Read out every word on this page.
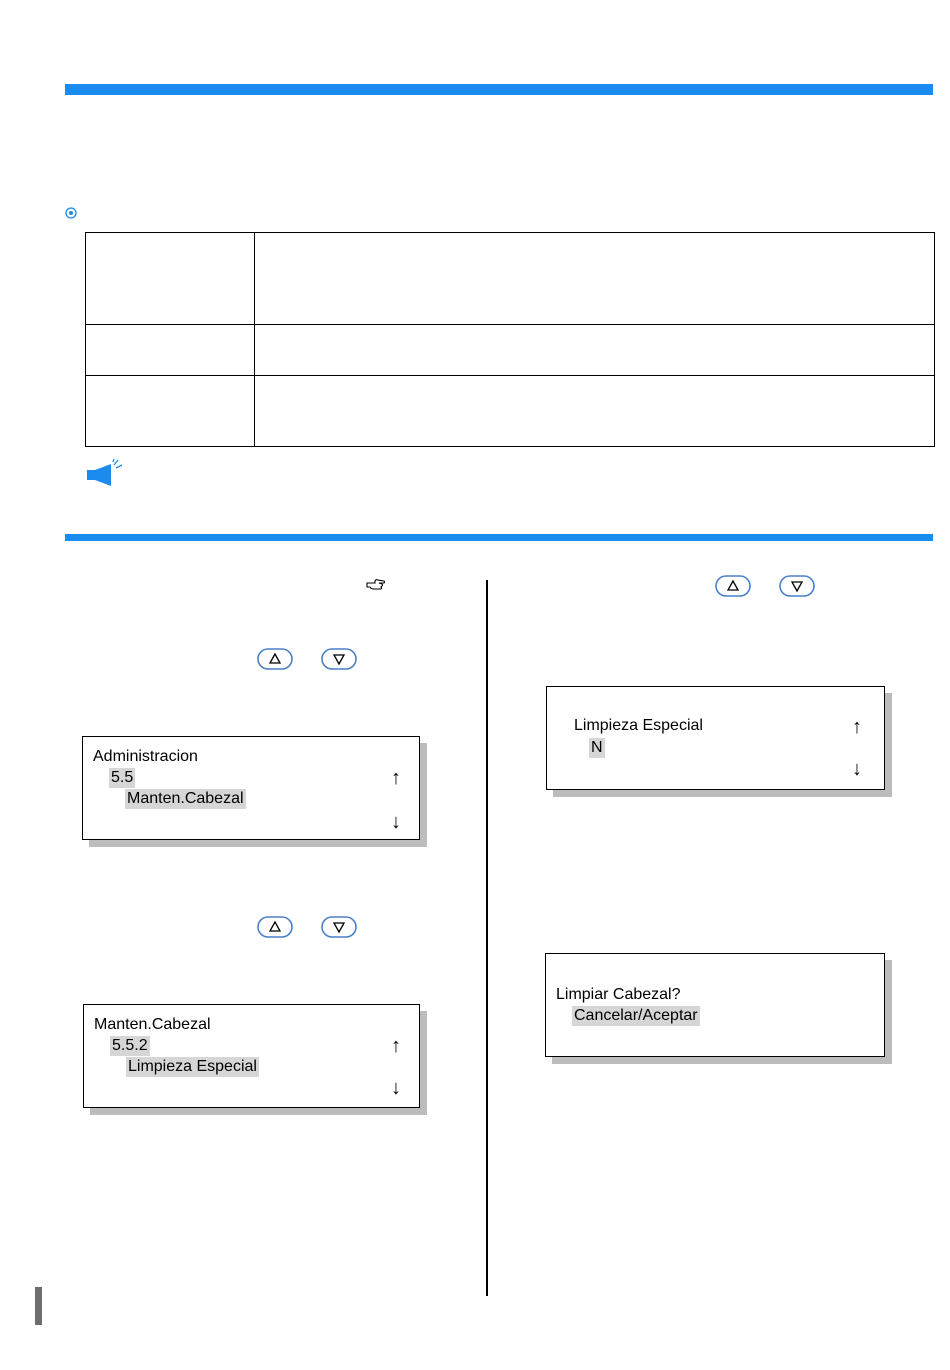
Administracion
5.5
Manten.Cabezal
↑
↓
Manten.Cabezal
5.5.2
Limpieza Especial
↑
↓
Limpieza Especial
N
↑
↓
Limpiar Cabezal?
Cancelar/Aceptar
